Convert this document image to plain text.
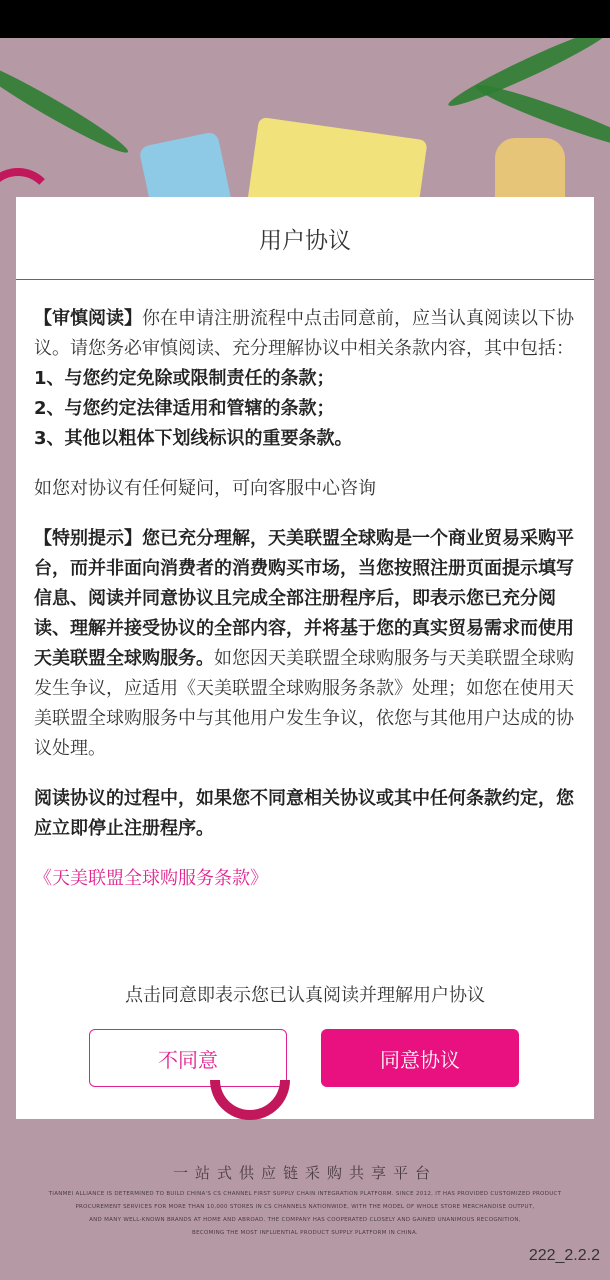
用户协议

【审慎阅读】你在申请注册流程中点击同意前，应当认真阅读以下协议。请您务必审慎阅读、充分理解协议中相关条款内容，其中包括：

1、与您约定免除或限制责任的条款；

2、与您约定法律适用和管辖的条款；

3、其他以粗体下划线标识的重要条款。

如您对协议有任何疑问，可向客服中心咨询

【特别提示】您已充分理解，天美联盟全球购是一个商业贸易采购平台，而并非面向消费者的消费购买市场，当您按照注册页面提示填写信息、阅读并同意协议且完成全部注册程序后，即表示您已充分阅读、理解并接受协议的全部内容，并将基于您的真实贸易需求而使用天美联盟全球购服务。如您因天美联盟全球购服务与天美联盟全球购发生争议，应适用《天美联盟全球购服务条款》处理；如您在使用天美联盟全球购服务中与其他用户发生争议，依您与其他用户达成的协议处理。

阅读协议的过程中，如果您不同意相关协议或其中任何条款约定，您应立即停止注册程序。

《天美联盟全球购服务条款》

点击同意即表示您已认真阅读并理解用户协议
不同意	同意协议
一站式供应链采购共享平台
TIANMEI ALLIANCE IS DETERMINED TO BUILD CHINA'S CS CHANNEL FIRST SUPPLY CHAIN INTEGRATION PLATFORM. SINCE 2012, IT HAS PROVIDED CUSTOMIZED PRODUCT
PROCUREMENT SERVICES FOR MORE THAN 10,000 STORES IN CS CHANNELS NATIONWIDE, WITH THE MODEL OF WHOLE STORE MERCHANDISE OUTPUT,
AND MANY WELL-KNOWN BRANDS AT HOME AND ABROAD. THE COMPANY HAS COOPERATED CLOSELY AND GAINED UNANIMOUS RECOGNITION,
BECOMING THE MOST INFLUENTIAL PRODUCT SUPPLY PLATFORM IN CHINA.
222_2.2.2
